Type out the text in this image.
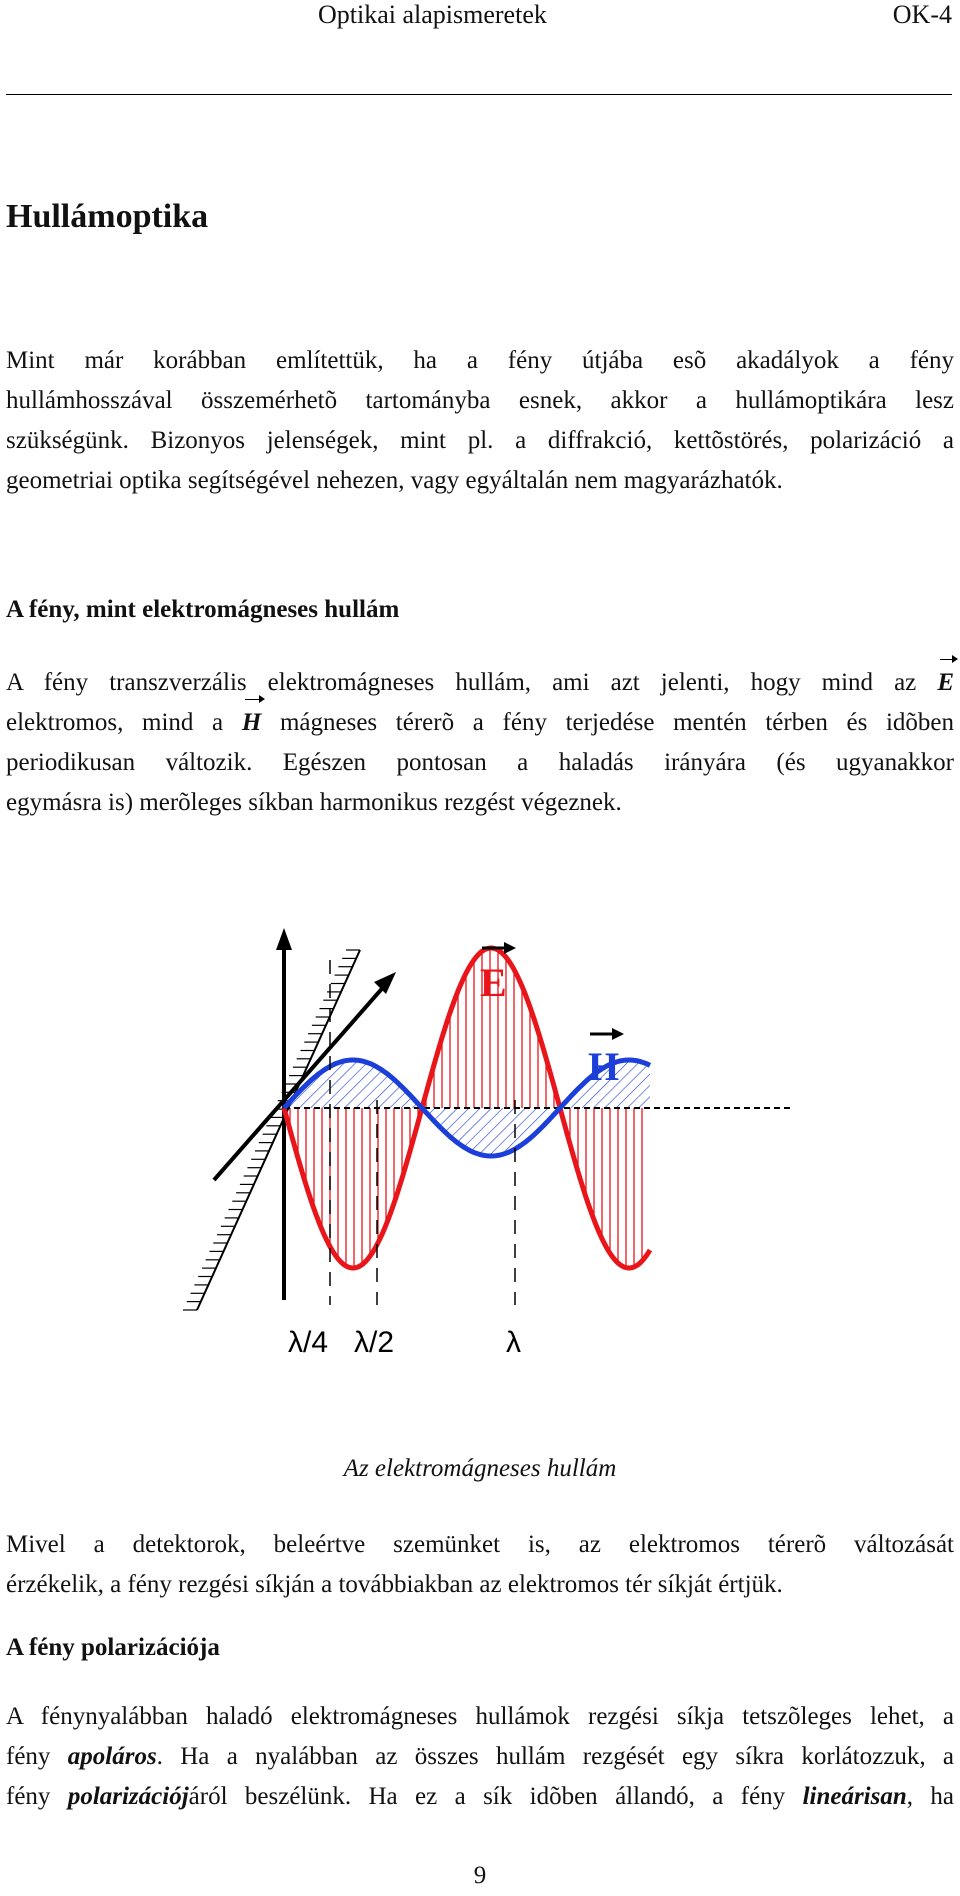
Optikai alapismeretek	OK-4
Hullámoptika
Mint már korábban említettük, ha a fény útjába esõ akadályok a fény
hullámhosszával összemérhetõ tartományba esnek, akkor a hullámoptikára lesz
szükségünk. Bizonyos jelenségek, mint pl. a diffrakció, kettõstörés, polarizáció a
geometriai optika segítségével nehezen, vagy egyáltalán nem magyarázhatók.
A fény, mint elektromágneses hullám
A fény transzverzális elektromágneses hullám, ami azt jelenti, hogy mind az E
elektromos, mind a H mágneses térerõ a fény terjedése mentén térben és idõben
periodikusan változik. Egészen pontosan a haladás irányára (és ugyanakkor
egymásra is) merõleges síkban harmonikus rezgést végeznek.
E
H
λ/4 λ/2	λ
Az elektromágneses hullám
Mivel a detektorok, beleértve szemünket is, az elektromos térerõ változását
érzékelik, a fény rezgési síkján a továbbiakban az elektromos tér síkját értjük.
A fény polarizációja
A fénynyalábban haladó elektromágneses hullámok rezgési síkja tetszõleges lehet, a
fény apoláros. Ha a nyalábban az összes hullám rezgését egy síkra korlátozzuk, a
fény polarizációjáról beszélünk. Ha ez a sík idõben állandó, a fény lineárisan, ha
9
